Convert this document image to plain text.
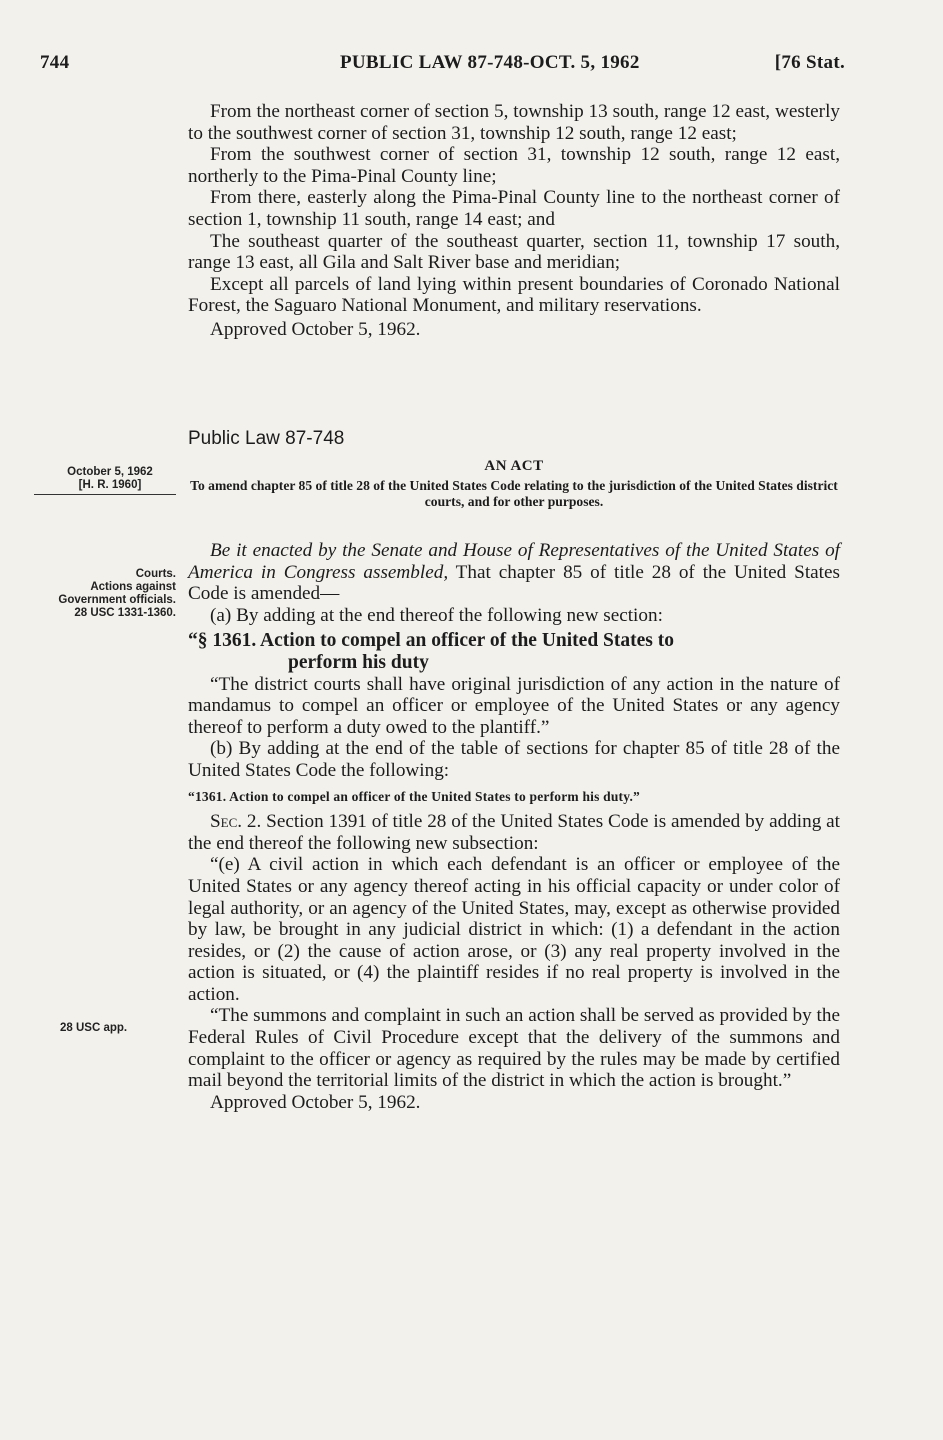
744	PUBLIC LAW 87-748-OCT. 5, 1962	[76 Stat.

From the northeast corner of section 5, township 13 south, range 12 east, westerly to the southwest corner of section 31, township 12 south, range 12 east;

From the southwest corner of section 31, township 12 south, range 12 east, northerly to the Pima-Pinal County line;

From there, easterly along the Pima-Pinal County line to the northeast corner of section 1, township 11 south, range 14 east; and

The southeast quarter of the southeast quarter, section 11, township 17 south, range 13 east, all Gila and Salt River base and meridian;

Except all parcels of land lying within present boundaries of Coronado National Forest, the Saguaro National Monument, and military reservations.

Approved October 5, 1962.

Public Law 87-748
AN ACT
To amend chapter 85 of title 28 of the United States Code relating to the jurisdiction of the United States district courts, and for other purposes.
October 5, 1962
[H. R. 1960]
Courts.
Actions against Government officials.
28 USC 1331-1360.
28 USC app.

Be it enacted by the Senate and House of Representatives of the United States of America in Congress assembled, That chapter 85 of title 28 of the United States Code is amended—

(a) By adding at the end thereof the following new section:

“§ 1361. Action to compel an officer of the United States to
perform his duty

“The district courts shall have original jurisdiction of any action in the nature of mandamus to compel an officer or employee of the United States or any agency thereof to perform a duty owed to the plantiff.”

(b) By adding at the end of the table of sections for chapter 85 of title 28 of the United States Code the following:

“1361. Action to compel an officer of the United States to perform his duty.”

Sec. 2. Section 1391 of title 28 of the United States Code is amended by adding at the end thereof the following new subsection:

“(e) A civil action in which each defendant is an officer or employee of the United States or any agency thereof acting in his official capacity or under color of legal authority, or an agency of the United States, may, except as otherwise provided by law, be brought in any judicial district in which: (1) a defendant in the action resides, or (2) the cause of action arose, or (3) any real property involved in the action is situated, or (4) the plaintiff resides if no real property is involved in the action.

“The summons and complaint in such an action shall be served as provided by the Federal Rules of Civil Procedure except that the delivery of the summons and complaint to the officer or agency as required by the rules may be made by certified mail beyond the territorial limits of the district in which the action is brought.”

Approved October 5, 1962.
